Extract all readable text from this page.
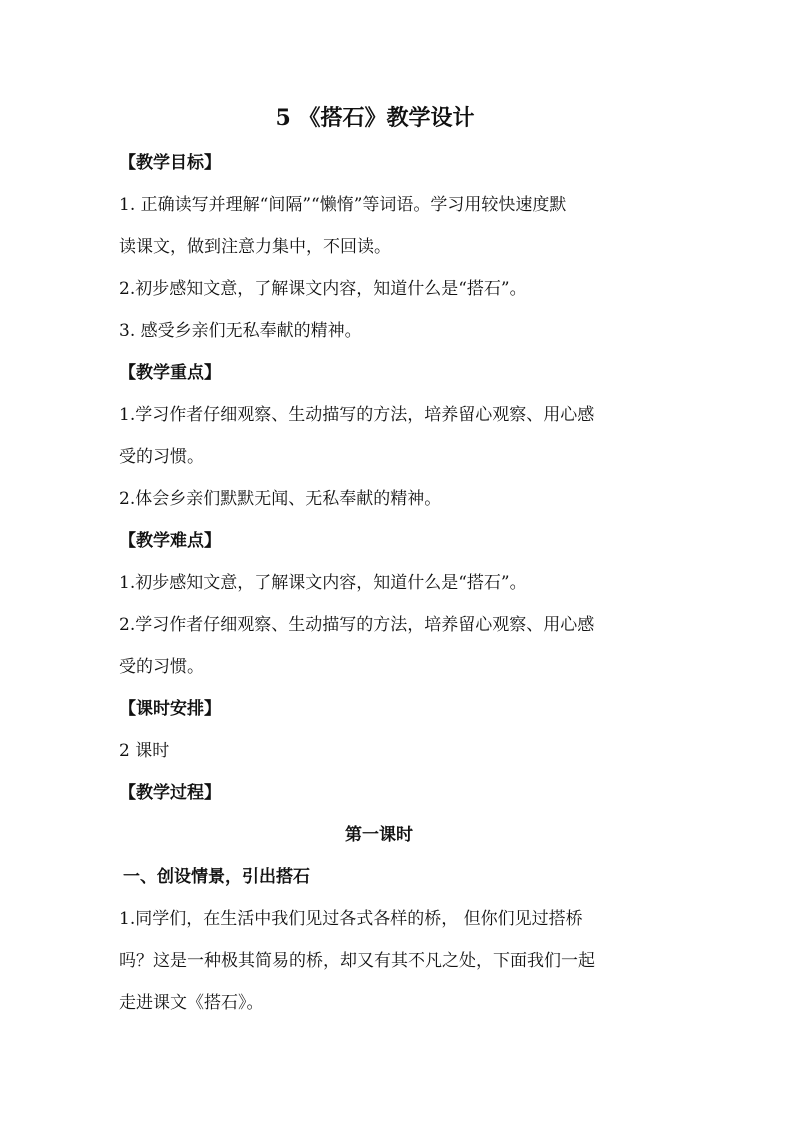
5 《搭石》教学设计
【教学目标】
1. 正确读写并理解“间隔”“懒惰”等词语。学习用较快速度默
读课文，做到注意力集中，不回读。
2.初步感知文意，了解课文内容，知道什么是“搭石”。
3. 感受乡亲们无私奉献的精神。
【教学重点】
1.学习作者仔细观察、生动描写的方法，培养留心观察、用心感
受的习惯。
2.体会乡亲们默默无闻、无私奉献的精神。
【教学难点】
1.初步感知文意，了解课文内容，知道什么是“搭石”。
2.学习作者仔细观察、生动描写的方法，培养留心观察、用心感
受的习惯。
【课时安排】
2 课时
【教学过程】
第一课时
一、创设情景，引出搭石
1.同学们，在生活中我们见过各式各样的桥， 但你们见过搭桥
吗？这是一种极其简易的桥，却又有其不凡之处，下面我们一起
走进课文《搭石》。
